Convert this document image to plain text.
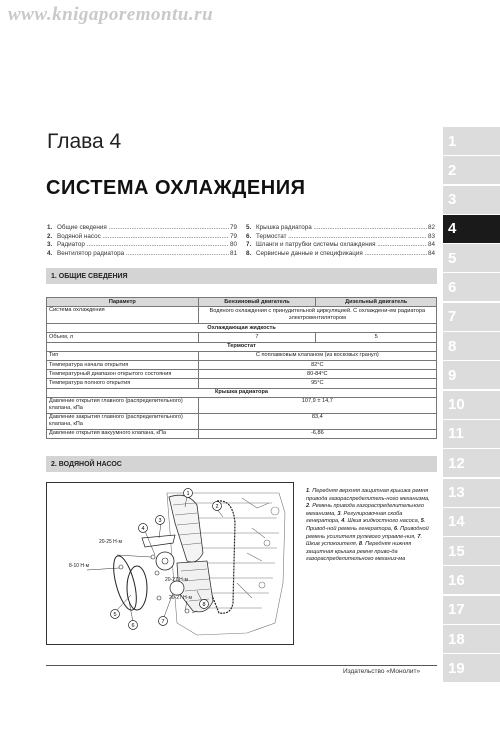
www.knigaporemontu.ru
1
2
3
4
5
6
7
8
9
10
11
12
13
14
15
16
17
18
19
Глава 4
СИСТЕМА ОХЛАЖДЕНИЯ
1. Общие сведения .....	79
2. Водяной насос .....	79
3. Радиатор .....	80
4. Вентилятор радиатора .....	81
5. Крышка радиатора .....	82
6. Термостат .....	83
7. Шланги и патрубки системы охлаждения .....	84
8. Сервисные данные и спецификация .....	84
1. ОБЩИЕ СВЕДЕНИЯ
Параметр	Бензиновый двигатель	Дизельный двигатель
Система охлаждения	Водяного охлаждения с принудительной циркуляцией. С охлаждени-ем радиатора электровентилятором	
Охлаждающая жидкость		
Объем, л	7	5
Термостат		
Тип	С поплавковым клапаном (из восковых гранул)	
Температура начала открытия	82°С	
Температурный диапазон открытого состояния	80-84°С	
Температура полного открытия	95°С	
Крышка радиатора		
Давление открытия главного (распределительного) клапана, кПа	107,9 ± 14,7	
Давление закрытия главного (распределительного) клапана, кПа	83,4	
Давление открытия вакуумного клапана, кПа	-6,86	
2. ВОДЯНОЙ НАСОС
1
2
3
4
5
6
7
8
20-25 Н·м
8-10 Н·м
20-27 Н·м
20-27 Н·м
1. Передняя верхняя защитная крышка ремня привода газораспределитель-ного механизма, 2. Ремень привода газораспределительного механизма, 3. Регулировочная скоба генератора, 4. Шкив жидкостного насоса, 5. Привод-ной ремень генератора, 6. Приводной ремень усилителя рулевого управле-ния, 7. Шкив успокоителя, 8. Передняя нижняя защитная крышка ремня приво-да газораспределительного механиз-ма
Издательство «Монолит»
